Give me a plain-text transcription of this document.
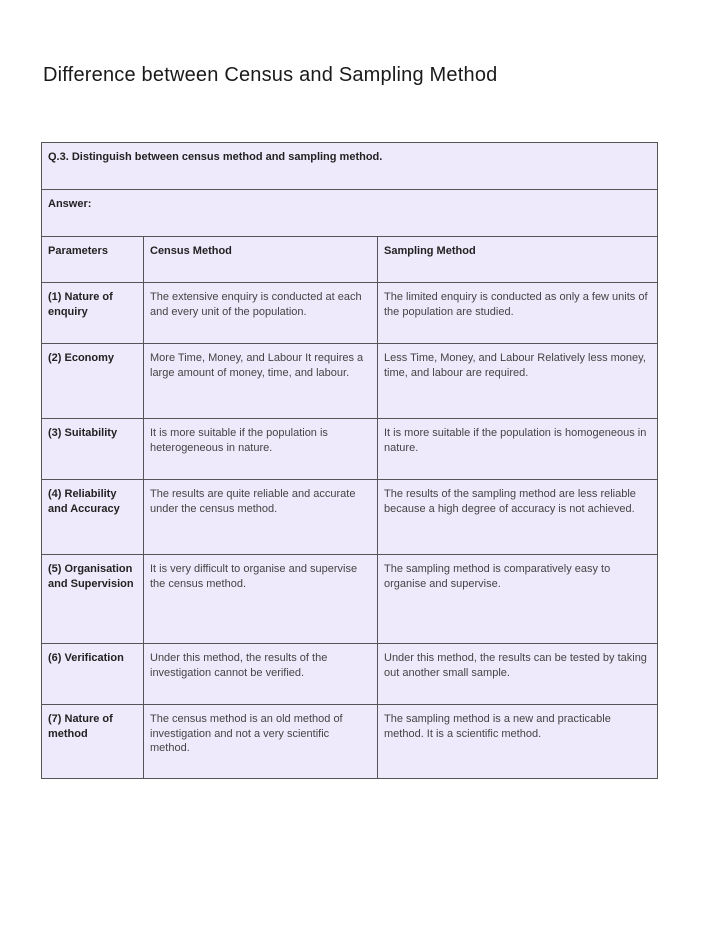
Difference between Census and Sampling Method
Q.3. Distinguish between census method and sampling method.		
Answer:		
Parameters	Census Method	Sampling Method
(1) Nature of enquiry	The extensive enquiry is conducted at each and every unit of the population.	The limited enquiry is conducted as only a few units of the population are studied.
(2) Economy	More Time, Money, and Labour It requires a large amount of money, time, and labour.	Less Time, Money, and Labour Relatively less money, time, and labour are required.
(3) Suitability	It is more suitable if the population is heterogeneous in nature.	It is more suitable if the population is homogeneous in nature.
(4) Reliability and Accuracy	The results are quite reliable and accurate under the census method.	The results of the sampling method are less reliable because a high degree of accuracy is not achieved.
(5) Organisation and Supervision	It is very difficult to organise and supervise the census method.	The sampling method is comparatively easy to organise and supervise.
(6) Verification	Under this method, the results of the investigation cannot be verified.	Under this method, the results can be tested by taking out another small sample.
(7) Nature of method	The census method is an old method of investigation and not a very scientific method.	The sampling method is a new and practicable method. It is a scientific method.
